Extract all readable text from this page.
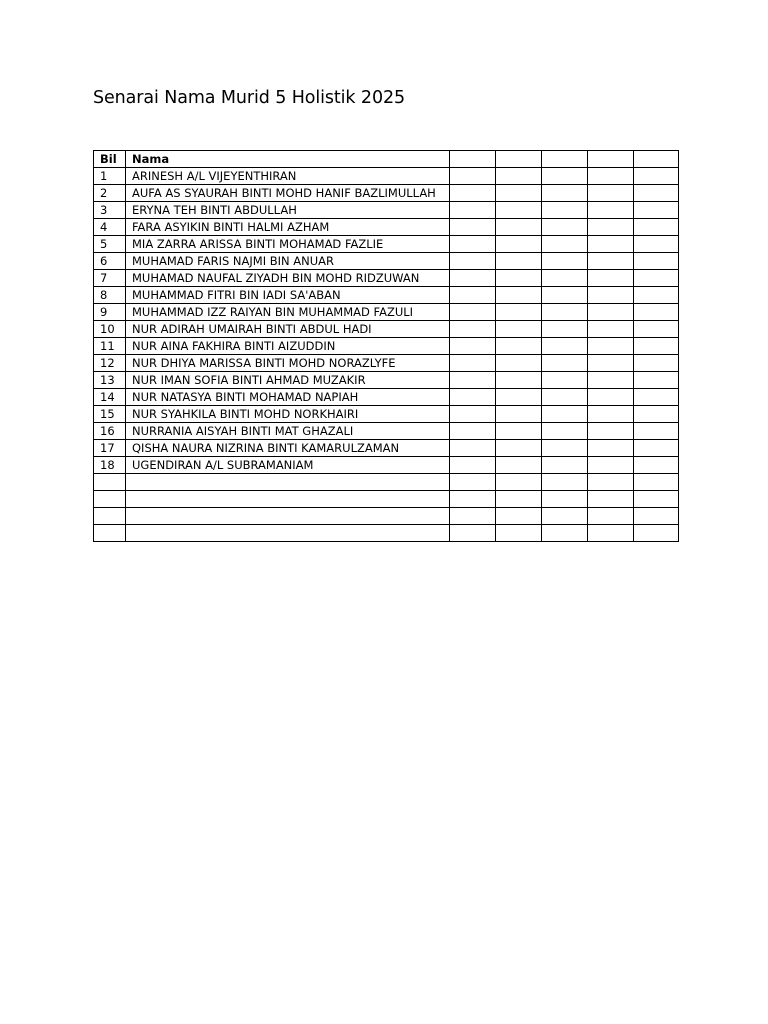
Senarai Nama Murid 5 Holistik 2025
Bil	Nama					
1	ARINESH A/L VIJEYENTHIRAN					
2	AUFA AS SYAURAH BINTI MOHD HANIF BAZLIMULLAH					
3	ERYNA TEH BINTI ABDULLAH					
4	FARA ASYIKIN BINTI HALMI AZHAM					
5	MIA ZARRA ARISSA BINTI MOHAMAD FAZLIE					
6	MUHAMAD FARIS NAJMI BIN ANUAR					
7	MUHAMAD NAUFAL ZIYADH BIN MOHD RIDZUWAN					
8	MUHAMMAD FITRI BIN IADI SA'ABAN					
9	MUHAMMAD IZZ RAIYAN BIN MUHAMMAD FAZULI					
10	NUR ADIRAH UMAIRAH BINTI ABDUL HADI					
11	NUR AINA FAKHIRA BINTI AIZUDDIN					
12	NUR DHIYA MARISSA BINTI MOHD NORAZLYFE					
13	NUR IMAN SOFIA BINTI AHMAD MUZAKIR					
14	NUR NATASYA BINTI MOHAMAD NAPIAH					
15	NUR SYAHKILA BINTI MOHD NORKHAIRI					
16	NURRANIA AISYAH BINTI MAT GHAZALI					
17	QISHA NAURA NIZRINA BINTI KAMARULZAMAN					
18	UGENDIRAN A/L SUBRAMANIAM					
